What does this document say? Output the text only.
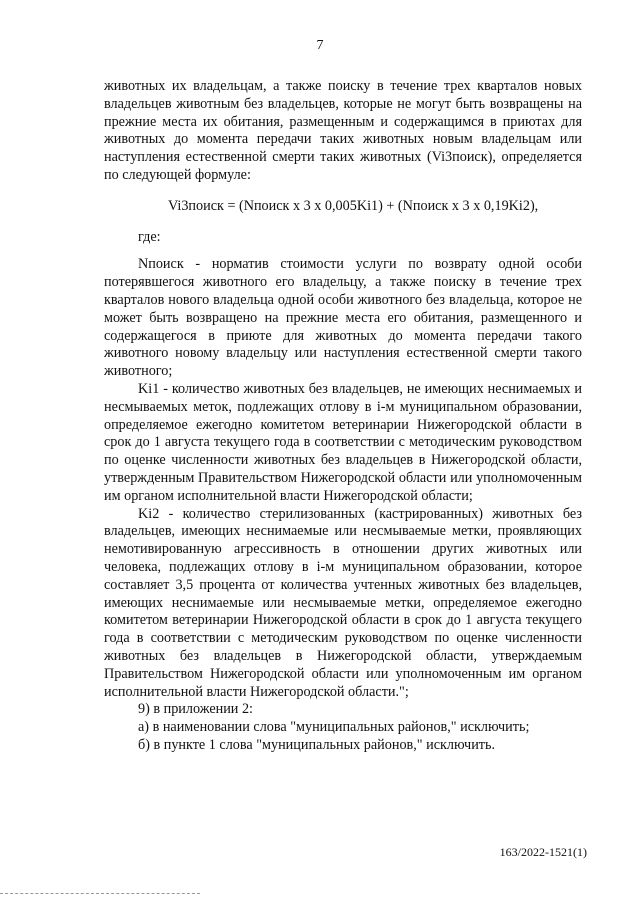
7

животных их владельцам, а также поиску в течение трех кварталов новых владельцев животным без владельцев, которые не могут быть возвращены на прежние места их обитания, размещенным и содержащимся в приютах для животных до момента передачи таких животных новым владельцам или наступления естественной смерти таких животных (Vi3поиск), определяется по следующей формуле:

Vi3поиск = (Nпоиск х 3 х 0,005Ki1) + (Nпоиск х 3 х 0,19Ki2),

где:

Nпоиск - норматив стоимости услуги по возврату одной особи потерявшегося животного его владельцу, а также поиску в течение трех кварталов нового владельца одной особи животного без владельца, которое не может быть возвращено на прежние места его обитания, размещенного и содержащегося в приюте для животных до момента передачи такого животного новому владельцу или наступления естественной смерти такого животного;

Ki1 - количество животных без владельцев, не имеющих неснимаемых и несмываемых меток, подлежащих отлову в i-м муниципальном образовании, определяемое ежегодно комитетом ветеринарии Нижегородской области в срок до 1 августа текущего года в соответствии с методическим руководством по оценке численности животных без владельцев в Нижегородской области, утвержденным Правительством Нижегородской области или уполномоченным им органом исполнительной власти Нижегородской области;

Ki2 - количество стерилизованных (кастрированных) животных без владельцев, имеющих неснимаемые или несмываемые метки, проявляющих немотивированную агрессивность в отношении других животных или человека, подлежащих отлову в i-м муниципальном образовании, которое составляет 3,5 процента от количества учтенных животных без владельцев, имеющих неснимаемые или несмываемые метки, определяемое ежегодно комитетом ветеринарии Нижегородской области в срок до 1 августа текущего года в соответствии с методическим руководством по оценке численности животных без владельцев в Нижегородской области, утверждаемым Правительством Нижегородской области или уполномоченным им органом исполнительной власти Нижегородской области.";

9) в приложении 2:

а) в наименовании слова "муниципальных районов," исключить;

б) в пункте 1 слова "муниципальных районов," исключить.

163/2022-1521(1)
